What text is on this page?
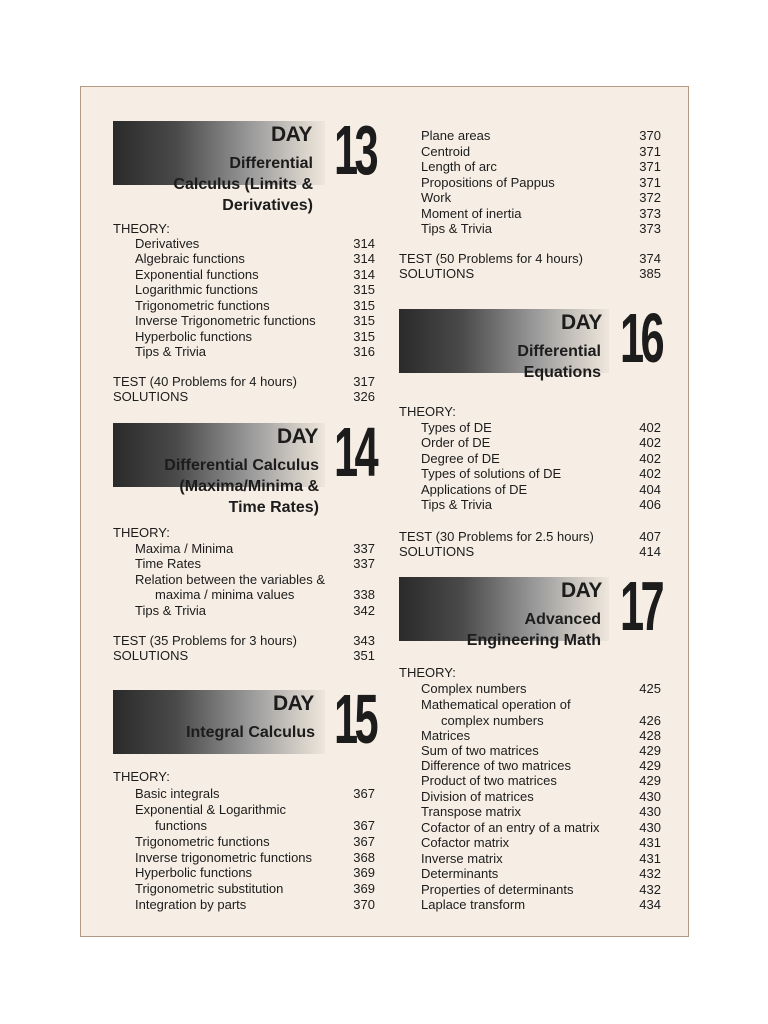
DAY 13
Differential
Calculus (Limits &
Derivatives)
THEORY:
Derivatives	314
Algebraic functions	314
Exponential functions	314
Logarithmic functions	315
Trigonometric functions	315
Inverse Trigonometric functions	315
Hyperbolic functions	315
Tips & Trivia	316
TEST (40 Problems for 4 hours)	317
SOLUTIONS	326
DAY 14
Differential Calculus
(Maxima/Minima &
Time Rates)
THEORY:
Maxima / Minima	337
Time Rates	337
Relation between the variables &
maxima / minima values	338
Tips & Trivia	342
TEST (35 Problems for 3 hours)	343
SOLUTIONS	351
DAY 15
Integral Calculus
THEORY:
Basic integrals	367
Exponential & Logarithmic
functions	367
Trigonometric functions	367
Inverse trigonometric functions	368
Hyperbolic functions	369
Trigonometric substitution	369
Integration by parts	370
Plane areas	370
Centroid	371
Length of arc	371
Propositions of Pappus	371
Work	372
Moment of inertia	373
Tips & Trivia	373
TEST (50 Problems for 4 hours)	374
SOLUTIONS	385
DAY 16
Differential
Equations
THEORY:
Types of DE	402
Order of DE	402
Degree of DE	402
Types of solutions of DE	402
Applications of DE	404
Tips & Trivia	406
TEST (30 Problems for 2.5 hours)	407
SOLUTIONS	414
DAY 17
Advanced
Engineering Math
THEORY:
Complex numbers	425
Mathematical operation of
complex numbers	426
Matrices	428
Sum of two matrices	429
Difference of two matrices	429
Product of two matrices	429
Division of matrices	430
Transpose matrix	430
Cofactor of an entry of a matrix	430
Cofactor matrix	431
Inverse matrix	431
Determinants	432
Properties of determinants	432
Laplace transform	434
